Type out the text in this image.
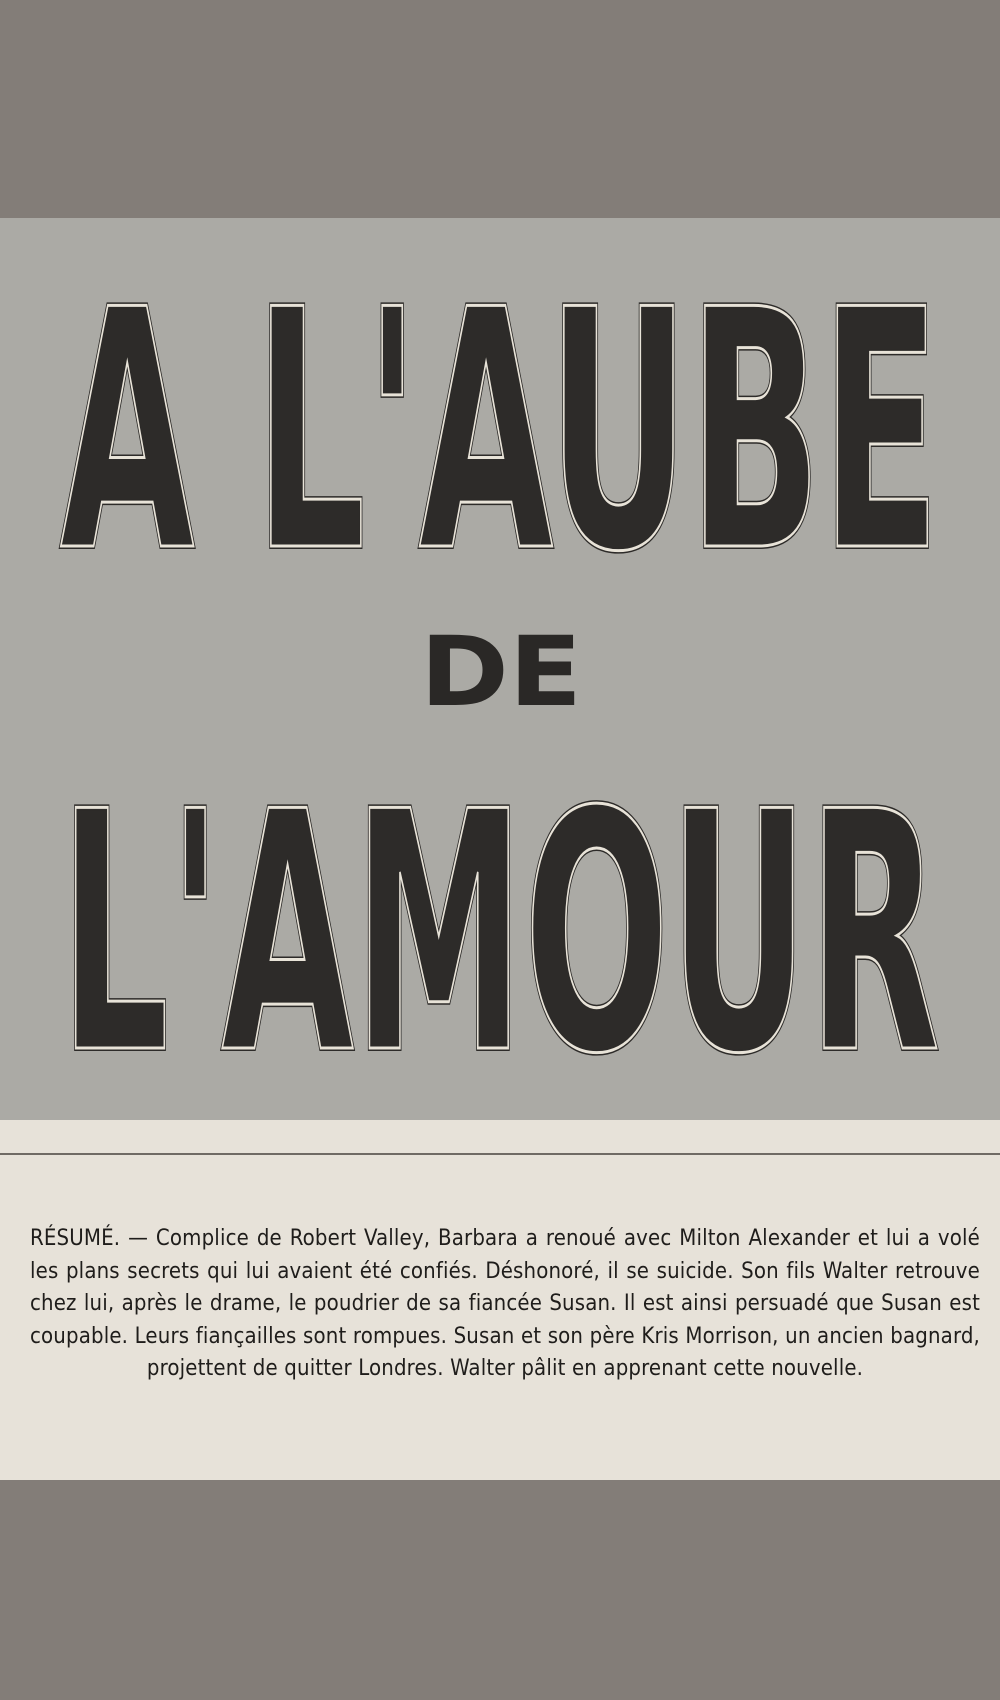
A L'AUBE
A L'AUBE
DE
L'AMOUR
L'AMOUR

RÉSUMÉ. — Complice de Robert Valley, Barbara a renoué avec Milton Alexander et lui a volé les plans secrets qui lui avaient été confiés. Déshonoré, il se suicide. Son fils Walter retrouve chez lui, après le drame, le poudrier de sa fiancée Susan. Il est ainsi persuadé que Susan est coupable. Leurs fiançailles sont rompues. Susan et son père Kris Morrison, un ancien bagnard, projettent de quitter Londres. Walter pâlit en apprenant cette nouvelle.
